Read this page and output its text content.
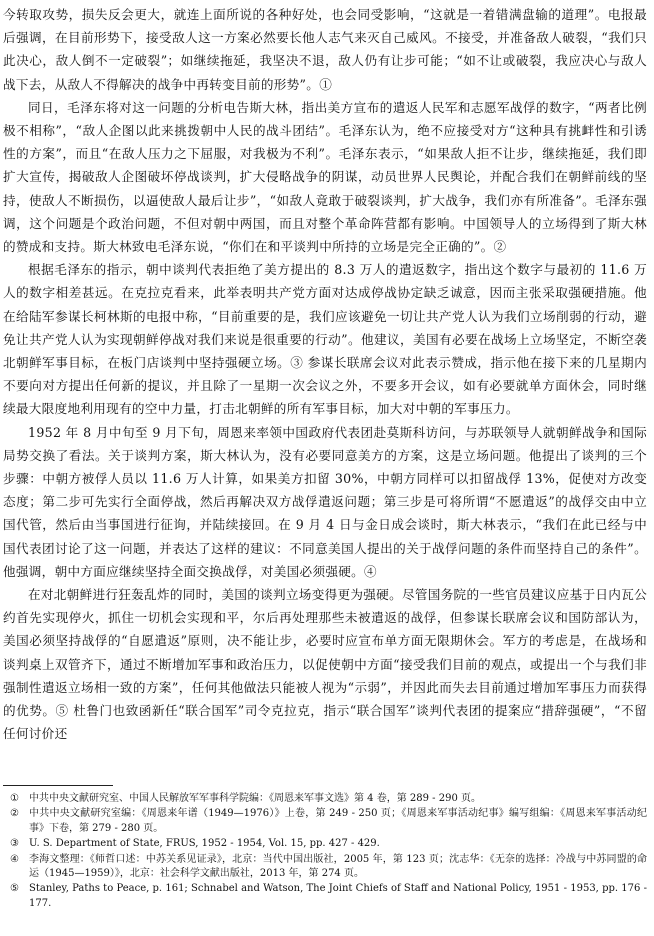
今转取攻势，损失反会更大，就连上面所说的各种好处，也会同受影响，“这就是一着错满盘输的道理”。电报最后强调，在目前形势下，接受敌人这一方案必然要长他人志气来灭自己威风。不接受，并准备敌人破裂，“我们只此决心，敌人倒不一定破裂”；如继续拖延，我坚决不退，敌人仍有让步可能；“如不让或破裂，我应决心与敌人战下去，从敌人不得解决的战争中再转变目前的形势”。①

同日，毛泽东将对这一问题的分析电告斯大林，指出美方宣布的遣返人民军和志愿军战俘的数字，“两者比例极不相称”，“敌人企图以此来挑拨朝中人民的战斗团结”。毛泽东认为，绝不应接受对方“这种具有挑衅性和引诱性的方案”，而且“在敌人压力之下屈服，对我极为不利”。毛泽东表示，“如果敌人拒不让步，继续拖延，我们即扩大宣传，揭破敌人企图破坏停战谈判，扩大侵略战争的阴谋，动员世界人民舆论，并配合我们在朝鲜前线的坚持，使敌人不断损伤，以逼使敌人最后让步”，“如敌人竟敢于破裂谈判，扩大战争，我们亦有所准备”。毛泽东强调，这个问题是个政治问题，不但对朝中两国，而且对整个革命阵营都有影响。中国领导人的立场得到了斯大林的赞成和支持。斯大林致电毛泽东说，“你们在和平谈判中所持的立场是完全正确的”。②

根据毛泽东的指示，朝中谈判代表拒绝了美方提出的 8.3 万人的遣返数字，指出这个数字与最初的 11.6 万人的数字相差甚远。在克拉克看来，此举表明共产党方面对达成停战协定缺乏诚意，因而主张采取强硬措施。他在给陆军参谋长柯林斯的电报中称，“目前重要的是，我们应该避免一切让共产党人认为我们立场削弱的行动，避免让共产党人认为实现朝鲜停战对我们来说是很重要的行动”。他建议，美国有必要在战场上立场坚定，不断空袭北朝鲜军事目标，在板门店谈判中坚持强硬立场。③ 参谋长联席会议对此表示赞成，指示他在接下来的几星期内不要向对方提出任何新的提议，并且除了一星期一次会议之外，不要多开会议，如有必要就单方面休会，同时继续最大限度地利用现有的空中力量，打击北朝鲜的所有军事目标，加大对中朝的军事压力。

1952 年 8 月中旬至 9 月下旬，周恩来率领中国政府代表团赴莫斯科访问，与苏联领导人就朝鲜战争和国际局势交换了看法。关于谈判方案，斯大林认为，没有必要同意美方的方案，这是立场问题。他提出了谈判的三个步骤：中朝方被俘人员以 11.6 万人计算，如果美方扣留 30%，中朝方同样可以扣留战俘 13%，促使对方改变态度；第二步可先实行全面停战，然后再解决双方战俘遣返问题；第三步是可将所谓“不愿遣返”的战俘交由中立国代管，然后由当事国进行征询，并陆续接回。在 9 月 4 日与金日成会谈时，斯大林表示，“我们在此已经与中国代表团讨论了这一问题，并表达了这样的建议：不同意美国人提出的关于战俘问题的条件而坚持自己的条件”。他强调，朝中方面应继续坚持全面交换战俘，对美国必须强硬。④

在对北朝鲜进行狂轰乱炸的同时，美国的谈判立场变得更为强硬。尽管国务院的一些官员建议应基于日内瓦公约首先实现停火，抓住一切机会实现和平，尔后再处理那些未被遣返的战俘，但参谋长联席会议和国防部认为，美国必须坚持战俘的“自愿遣返”原则，决不能让步，必要时应宣布单方面无限期休会。军方的考虑是，在战场和谈判桌上双管齐下，通过不断增加军事和政治压力，以促使朝中方面“接受我们目前的观点，或提出一个与我们非强制性遣返立场相一致的方案”，任何其他做法只能被人视为“示弱”，并因此而失去目前通过增加军事压力而获得的优势。⑤ 杜鲁门也致函新任“联合国军”司令克拉克，指示“联合国军”谈判代表团的提案应“措辞强硬”，“不留任何讨价还

① 中共中央文献研究室、中国人民解放军军事科学院编：《周恩来军事文选》第 4 卷，第 289 - 290 页。
② 中共中央文献研究室编：《周恩来年谱（1949—1976）》上卷，第 249 - 250 页；《周恩来军事活动纪事》编写组编：《周恩来军事活动纪事》下卷，第 279 - 280 页。
③ U. S. Department of State, FRUS, 1952 - 1954, Vol. 15, pp. 427 - 429.
④ 李海文整理：《师哲口述：中苏关系见证录》，北京：当代中国出版社，2005 年，第 123 页；沈志华：《无奈的选择：冷战与中苏同盟的命运（1945—1959）》，北京：社会科学文献出版社，2013 年，第 274 页。
⑤ Stanley, Paths to Peace, p. 161; Schnabel and Watson, The Joint Chiefs of Staff and National Policy, 1951 - 1953, pp. 176 - 177.
